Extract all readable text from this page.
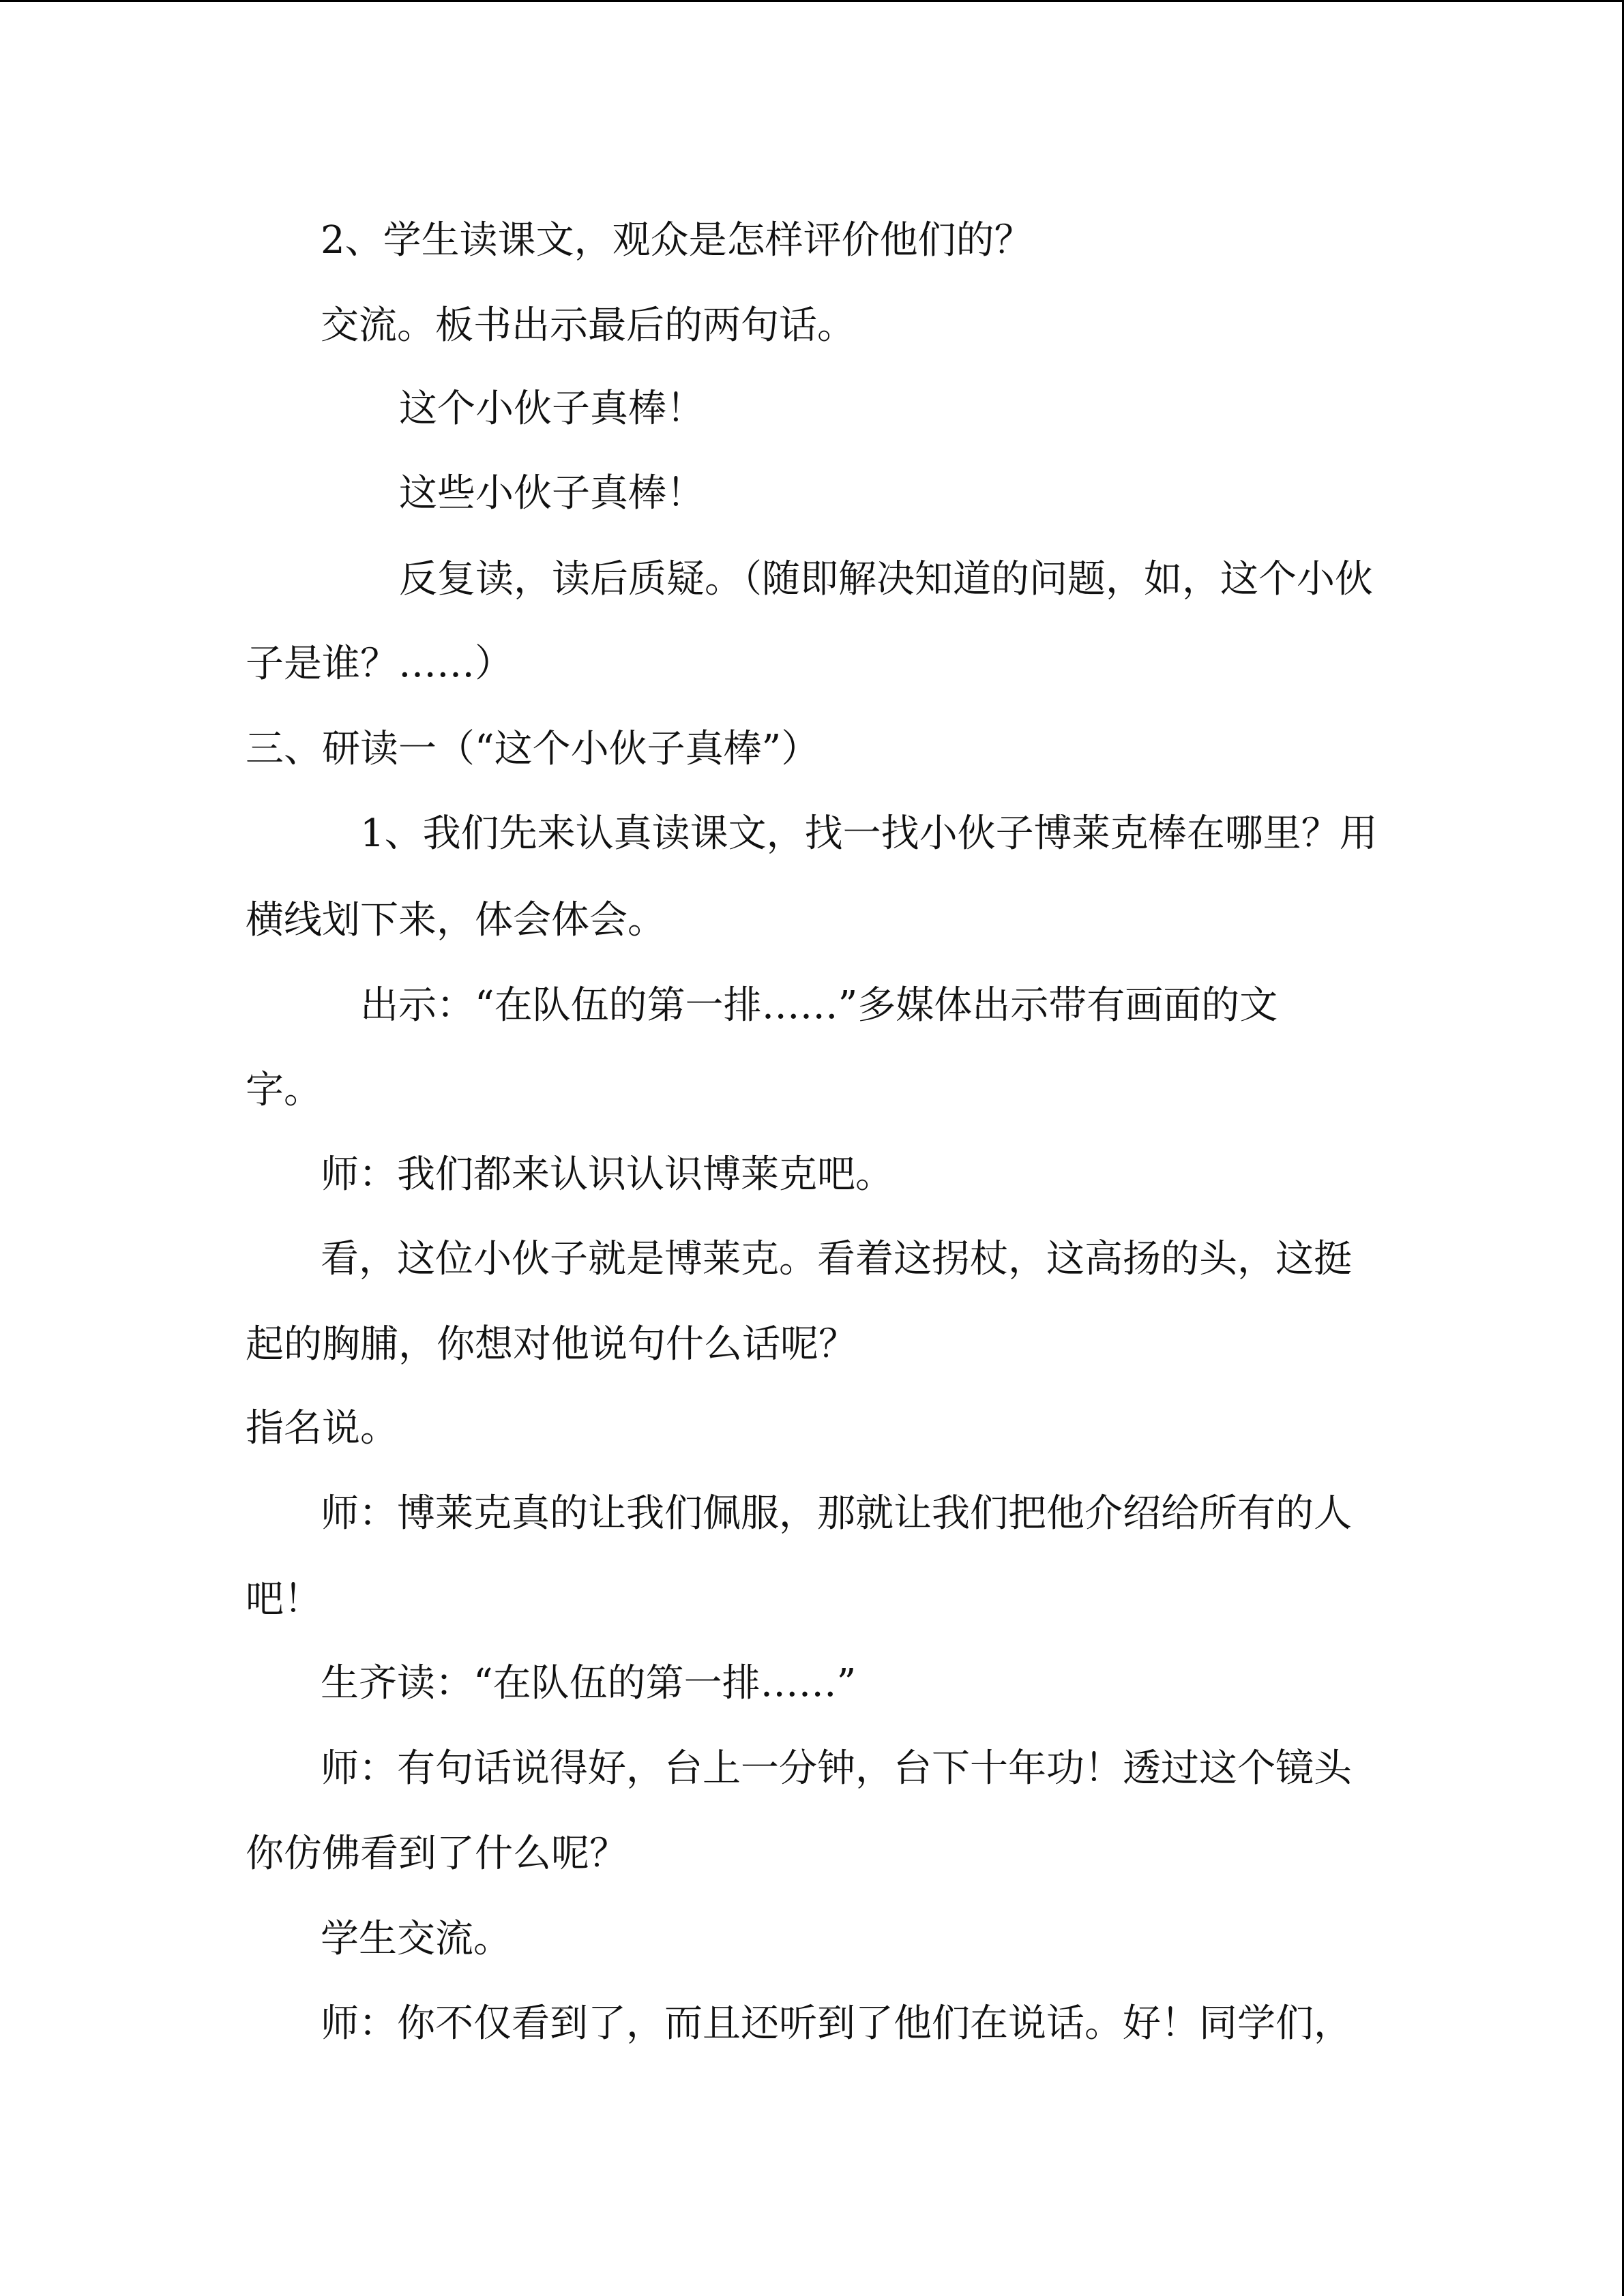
2、学生读课文，观众是怎样评价他们的？
交流。板书出示最后的两句话。
这个小伙子真棒！
这些小伙子真棒！
反复读，读后质疑。（随即解决知道的问题，如，这个小伙
子是谁？……）
三、研读一（“这个小伙子真棒”）
1、我们先来认真读课文，找一找小伙子博莱克棒在哪里？用
横线划下来，体会体会。
出示：“在队伍的第一排……”多媒体出示带有画面的文
字。
师：我们都来认识认识博莱克吧。
看，这位小伙子就是博莱克。看着这拐杖，这高扬的头，这挺
起的胸脯，你想对他说句什么话呢？
指名说。
师：博莱克真的让我们佩服，那就让我们把他介绍给所有的人
吧！
生齐读：“在队伍的第一排……”
师：有句话说得好，台上一分钟，台下十年功！透过这个镜头
你仿佛看到了什么呢？
学生交流。
师：你不仅看到了，而且还听到了他们在说话。好！同学们，
